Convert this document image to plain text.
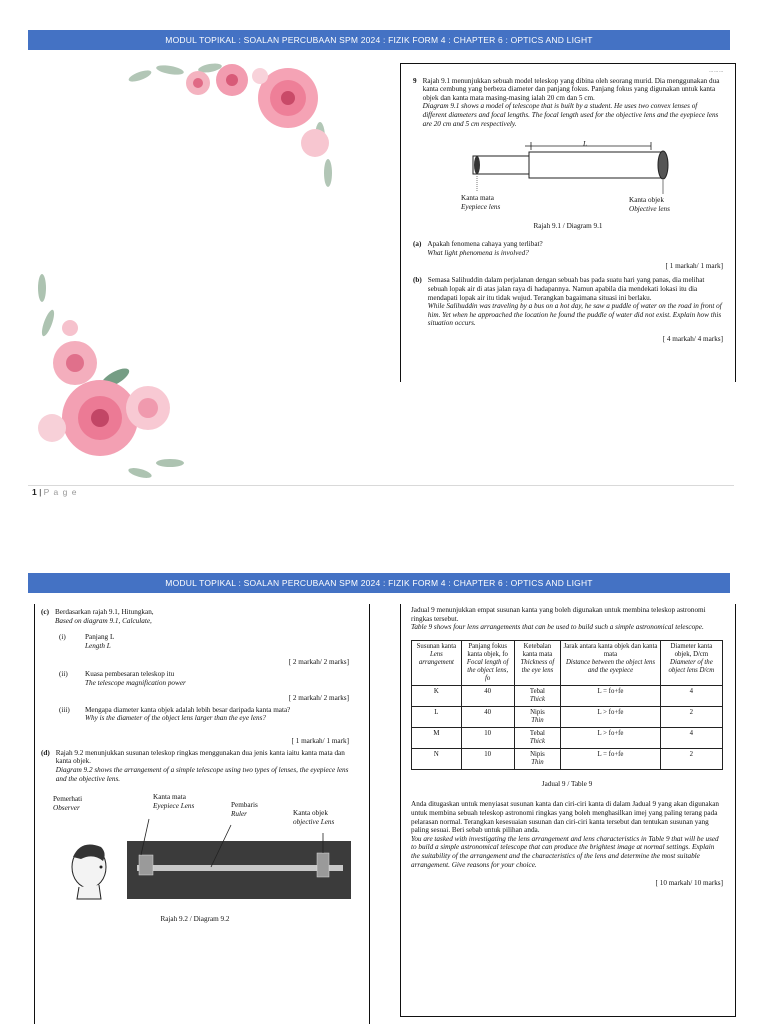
MODUL TOPIKAL : SOALAN PERCUBAAN SPM 2024 : FIZIK FORM 4 : CHAPTER 6 : OPTICS AND LIGHT

... ... ...

9 Rajah 9.1 menunjukkan sebuah model teleskop yang dibina oleh seorang murid. Dia menggunakan dua kanta cembung yang berbeza diameter dan panjang fokus. Panjang fokus yang digunakan untuk kanta objek dan kanta mata masing-masing ialah 20 cm dan 5 cm.

Diagram 9.1 shows a model of telescope that is built by a student. He uses two convex lenses of different diameters and focal lengths. The focal length used for the objective lens and the eyepiece lens are 20 cm and 5 cm respectively.

L

Kanta mata

Eyepiece lens

Kanta objek

Objective lens

Rajah 9.1 / Diagram 9.1

(a) Apakah fenomena cahaya yang terlibat?

What light phenomena is involved?

[ 1 markah/ 1 mark]

(b) Semasa Salihuddin dalam perjalanan dengan sebuah bas pada suatu hari yang panas, dia melihat sebuah lopak air di atas jalan raya di hadapannya. Namun apabila dia mendekati lokasi itu dia mendapati lopak air itu tidak wujud. Terangkan bagaimana situasi ini berlaku.

While Salihuddin was traveling by a bus on a hot day, he saw a puddle of water on the road in front of him. Yet when he approached the location he found the puddle of water did not exist. Explain how this situation occurs.

[ 4 markah/ 4 marks]

1 | P a g e
MODUL TOPIKAL : SOALAN PERCUBAAN SPM 2024 : FIZIK FORM 4 : CHAPTER 6 : OPTICS AND LIGHT
(c) Berdasarkan rajah 9.1, Hitungkan,

Based on diagram 9.1, Calculate,

(i)	Panjang L

Length L

[ 2 markah/ 2 marks]

(ii)	Kuasa pembesaran teleskop itu

The telescope magnification power

[ 2 markah/ 2 marks]

(iii)	Mengapa diameter kanta objek adalah lebih besar daripada kanta mata?

Why is the diameter of the object lens larger than the eye lens?

[ 1 markah/ 1 mark]

(d) Rajah 9.2 menunjukkan susunan teleskop ringkas menggunakan dua jenis kanta iaitu kanta mata dan kanta objek.

Diagram 9.2 shows the arrangement of a simple telescope using two types of lenses, the eyepiece lens and the objective lens.

Pemerhati

Observer

Kanta mata

Eyepiece Lens	Pembaris

Ruler	Kanta objek

objective Lens

Rajah 9.2 / Diagram 9.2

Jadual 9 menunjukkan empat susunan kanta yang boleh digunakan untuk membina teleskop astronomi ringkas tersebut.

Table 9 shows four lens arrangements that can be used to build such a simple astronomical telescope.

Susunan kanta
Lens arrangement	Panjang fokus kanta objek, fo
Focal length of the object lens, fo	Ketebalan kanta mata
Thickness of the eye lens	Jarak antara kanta objek dan kanta mata
Distance between the object lens and the eyepiece	Diameter kanta objek, D/cm
Diameter of the object lens D/cm
K	40	Tebal
Thick	L = fo+fe	4
L	40	Nipis
Thin	L > fo+fe	2
M	10	Tebal
Thick	L > fo+fe	4
N	10	Nipis
Thin	L = fo+fe	2

Jadual 9 / Table 9

Anda ditugaskan untuk menyiasat susunan kanta dan ciri-ciri kanta di dalam Jadual 9 yang akan digunakan untuk membina sebuah teleskop astronomi ringkas yang boleh menghasilkan imej yang paling terang pada pelarasan normal. Terangkan kesesuaian susunan dan ciri-ciri kanta tersebut dan tentukan susunan yang paling sesuai. Beri sebab untuk pilihan anda.

You are tasked with investigating the lens arrangement and lens characteristics in Table 9 that will be used to build a simple astronomical telescope that can produce the brightest image at normal settings. Explain the suitability of the arrangement and the characteristics of the lens and determine the most suitable arrangement. Give reasons for your choice.

[ 10 markah/ 10 marks]
